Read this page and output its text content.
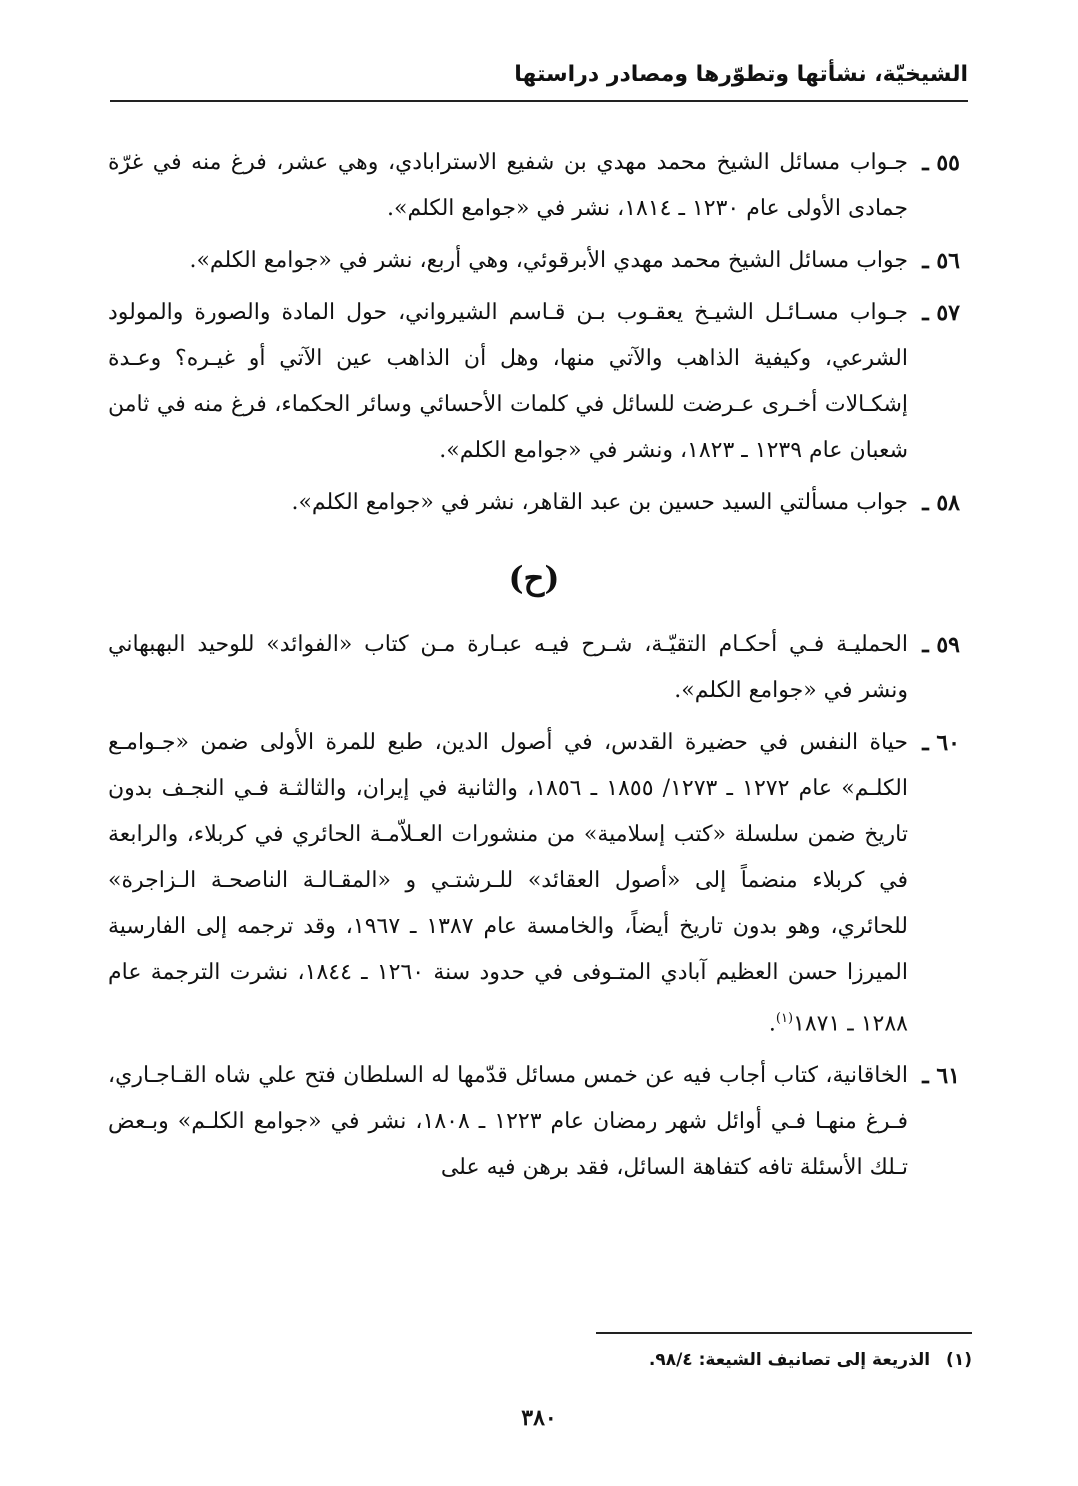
الشيخيّة، نشأتها وتطوّرها ومصادر دراستها
٥٥ ـ
جـواب مسائل الشيخ محمد مهدي بن شفيع الاسترابادي، وهي عشر، فرغ منه في غرّة جمادى الأولى عام ١٢٣٠ ـ ١٨١٤، نشر في «جوامع الكلم».
٥٦ ـ
جواب مسائل الشيخ محمد مهدي الأبرقوئي، وهي أربع، نشر في «جوامع الكلم».
٥٧ ـ
جـواب مسـائـل الشيـخ يعقـوب بـن قـاسم الشيرواني، حول المادة والصورة والمولود الشرعي، وكيفية الذاهب والآتي منها، وهل أن الذاهب عين الآتي أو غيـره؟ وعـدة إشكـالات أخـرى عـرضت للسائل في كلمات الأحسائي وسائر الحكماء، فرغ منه في ثامن شعبان عام ١٢٣٩ ـ ١٨٢٣، ونشر في «جوامع الكلم».
٥٨ ـ
جواب مسألتي السيد حسين بن عبد القاهر، نشر في «جوامع الكلم».
(ح)
٥٩ ـ
الحمليـة فـي أحكـام التقيّـة، شـرح فيـه عبـارة مـن كتاب «الفوائد» للوحيد البهبهاني ونشر في «جوامع الكلم».
٦٠ ـ
حياة النفس في حضيرة القدس، في أصول الدين، طبع للمرة الأولى ضمن «جـوامـع الكلـم» عام ١٢٧٢ ـ ١٢٧٣/ ١٨٥٥ ـ ١٨٥٦، والثانية في إيران، والثالثـة فـي النجـف بدون تاريخ ضمن سلسلة «كتب إسلامية» من منشورات العـلاّمـة الحائري في كربلاء، والرابعة في كربلاء منضماً إلى «أصول العقائد» للـرشتـي و «المقـالـة الناصحـة الـزاجرة» للحائري، وهو بدون تاريخ أيضاً، والخامسة عام ١٣٨٧ ـ ١٩٦٧، وقد ترجمه إلى الفارسية الميرزا حسن العظيم آبادي المتـوفى في حدود سنة ١٢٦٠ ـ ١٨٤٤، نشرت الترجمة عام ١٢٨٨ ـ ١٨٧١$^{(١)}$.
٦١ ـ
الخاقانية، كتاب أجاب فيه عن خمس مسائل قدّمها له السلطان فتح علي شاه القـاجـاري، فـرغ منهـا فـي أوائل شهر رمضان عام ١٢٢٣ ـ ١٨٠٨، نشر في «جوامع الكلـم» وبـعض تـلك الأسئلة تافه كتفاهة السائل، فقد برهن فيه على
(١) الذريعة إلى تصانيف الشيعة: ٩٨/٤.
٣٨٠
